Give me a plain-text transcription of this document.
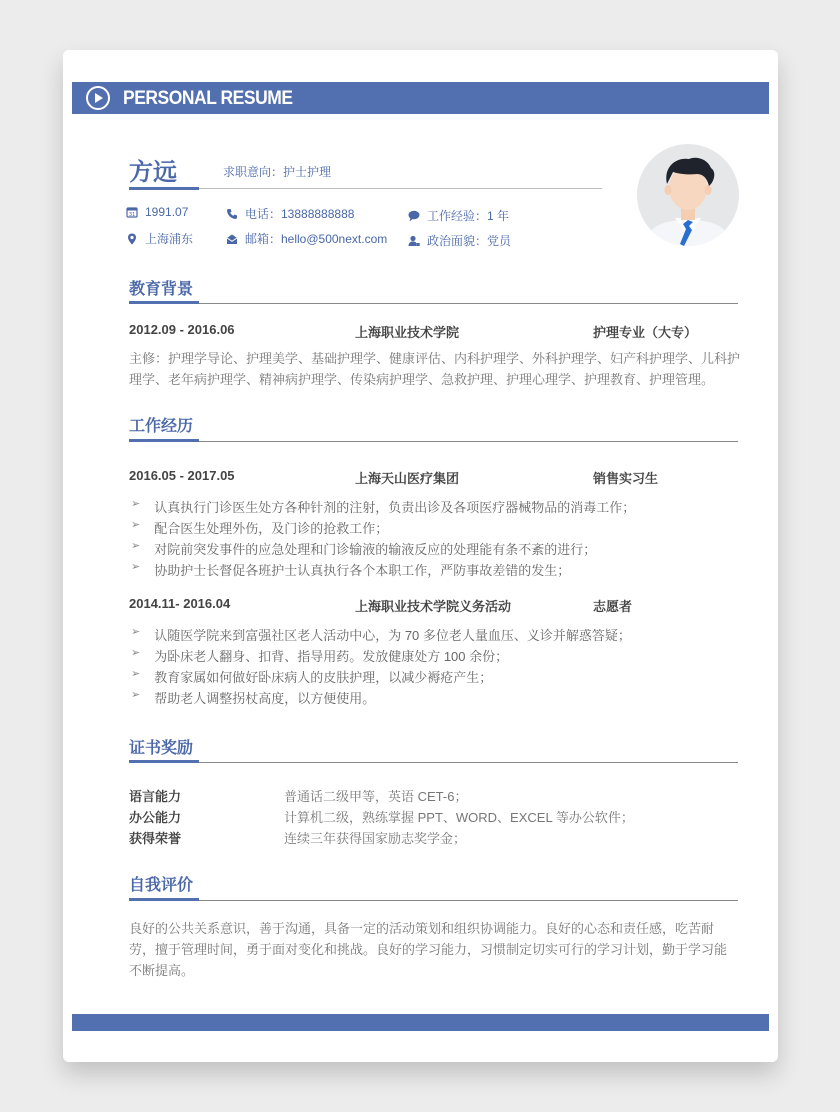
PERSONAL RESUME
方远	求职意向：护士护理
31 1991.07
上海浦东
电话：13888888888
邮箱：hello@500next.com
工作经验：1 年
政治面貌：党员
教育背景
2012.09 - 2016.06	上海职业技术学院	护理专业（大专）
主修：护理学导论、护理美学、基础护理学、健康评估、内科护理学、外科护理学、妇产科护理学、儿科护理学、老年病护理学、精神病护理学、传染病护理学、急救护理、护理心理学、护理教育、护理管理。
工作经历
2016.05 - 2017.05	上海天山医疗集团	销售实习生
➢ 认真执行门诊医生处方各种针剂的注射，负责出诊及各项医疗器械物品的消毒工作；
➢ 配合医生处理外伤，及门诊的抢救工作；
➢ 对院前突发事件的应急处理和门诊输液的输液反应的处理能有条不紊的进行；
➢ 协助护士长督促各班护士认真执行各个本职工作，严防事故差错的发生；
2014.11- 2016.04	上海职业技术学院义务活动	志愿者
➢ 认随医学院来到富强社区老人活动中心，为 70 多位老人量血压、义诊并解惑答疑；
➢ 为卧床老人翻身、扣背、指导用药。发放健康处方 100 余份；
➢ 教育家属如何做好卧床病人的皮肤护理，以减少褥疮产生；
➢ 帮助老人调整拐杖高度，以方便使用。
证书奖励
语言能力	普通话二级甲等，英语 CET-6；
办公能力	计算机二级，熟练掌握 PPT、WORD、EXCEL 等办公软件；
获得荣誉	连续三年获得国家励志奖学金；
自我评价
良好的公共关系意识，善于沟通，具备一定的活动策划和组织协调能力。良好的心态和责任感，吃苦耐劳，擅于管理时间，勇于面对变化和挑战。良好的学习能力，习惯制定切实可行的学习计划，勤于学习能不断提高。
